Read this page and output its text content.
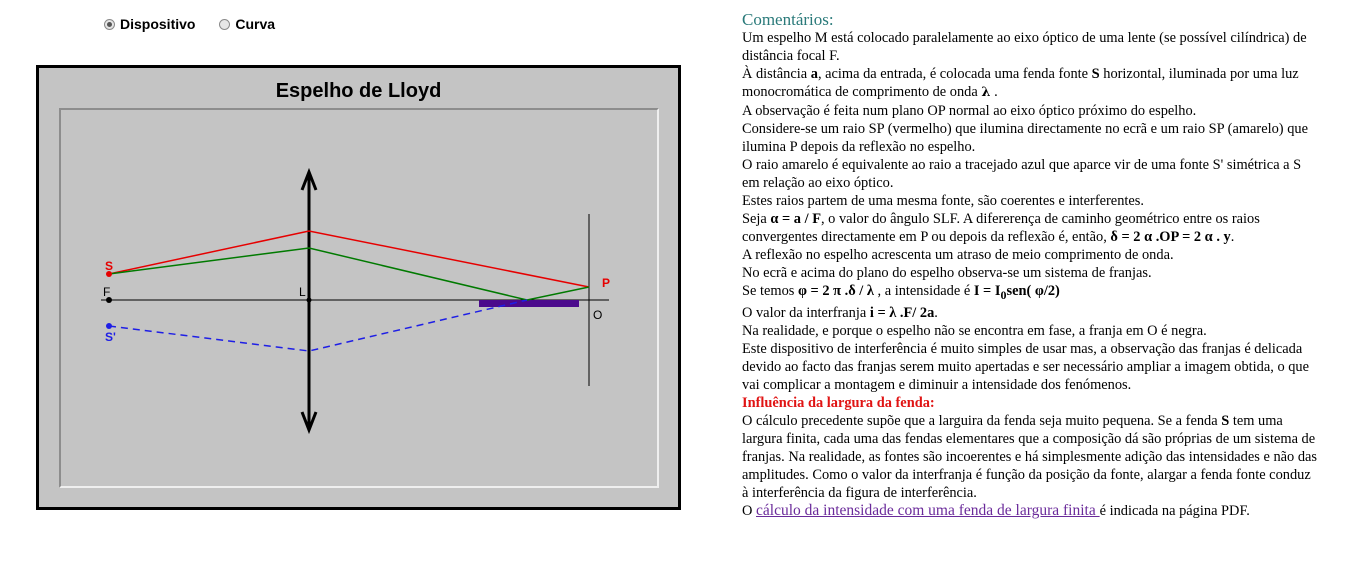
Dispositivo
	Curva
Espelho de Lloyd
S
F	L
S'
P
O
Comentários:

Um espelho M está colocado paralelamente ao eixo óptico de uma lente (se possível cilíndrica) de distância focal F.

À distância a, acima da entrada, é colocada uma fenda fonte S horizontal, iluminada por uma luz monocromática de comprimento de onda λ .

A observação é feita num plano OP normal ao eixo óptico próximo do espelho.

Considere-se um raio SP (vermelho) que ilumina directamente no ecrã e um raio SP (amarelo) que ilumina P depois da reflexão no espelho.

O raio amarelo é equivalente ao raio a tracejado azul que aparce vir de uma fonte S' simétrica a S em relação ao eixo óptico.

Estes raios partem de uma mesma fonte, são coerentes e interferentes.

Seja α = a / F, o valor do ângulo SLF. A difererença de caminho geométrico entre os raios convergentes directamente em P ou depois da reflexão é, então, δ = 2 α .OP = 2 α . y.

A reflexão no espelho acrescenta um atraso de meio comprimento de onda.

No ecrã e acima do plano do espelho observa-se um sistema de franjas.

Se temos φ = 2 π .δ / λ , a intensidade é $I = I_0sen$( φ/2)

O valor da interfranja i = λ .F/ 2a.

Na realidade, e porque o espelho não se encontra em fase, a franja em O é negra.

Este dispositivo de interferência é muito simples de usar mas, a observação das franjas é delicada devido ao facto das franjas serem muito apertadas e ser necessário ampliar a imagem obtida, o que vai complicar a montagem e diminuir a intensidade dos fenómenos.

Influência da largura da fenda:

O cálculo precedente supõe que a larguira da fenda seja muito pequena. Se a fenda S tem uma largura finita, cada uma das fendas elementares que a composição dá são próprias de um sistema de franjas. Na realidade, as fontes são incoerentes e há simplesmente adição das intensidades e não das amplitudes. Como o valor da interfranja é função da posição da fonte, alargar a fenda fonte conduz à interferência da figura de interferência.

O cálculo da intensidade com uma fenda de largura finita é indicada na página PDF.
